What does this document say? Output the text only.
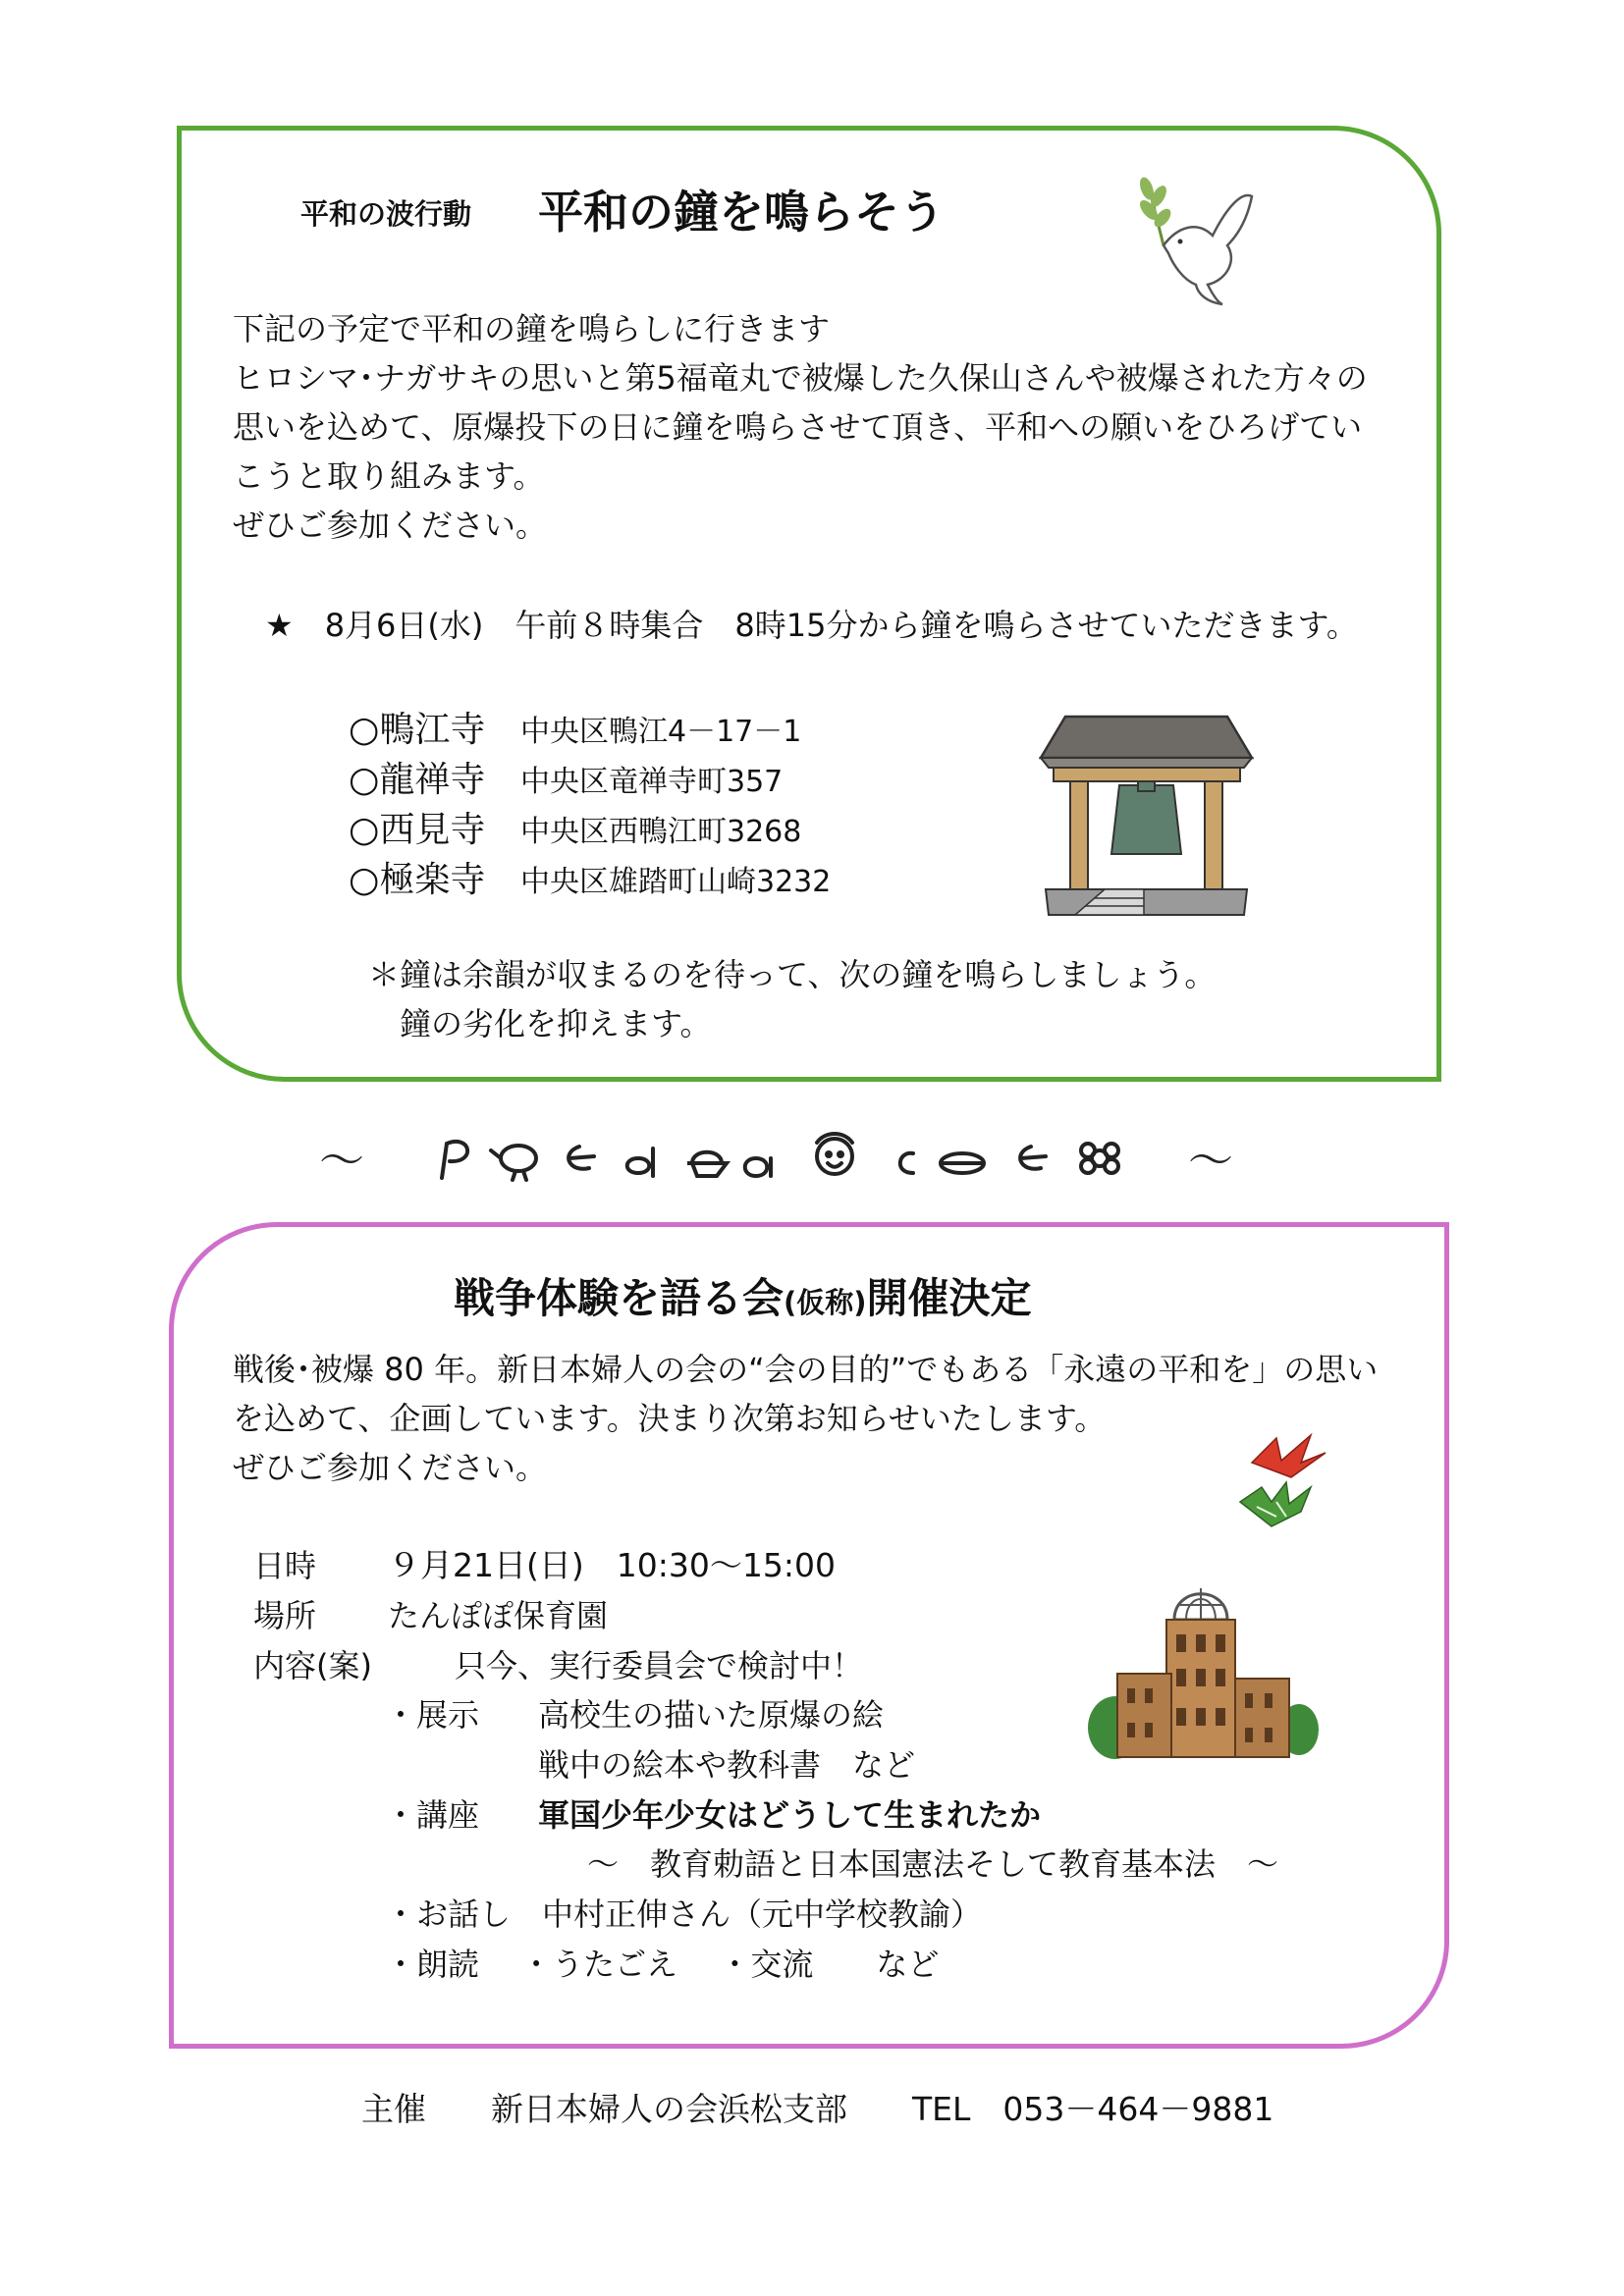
平和の波行動 平和の鐘を鳴らそう
下記の予定で平和の鐘を鳴らしに行きます
ヒロシマ･ナガサキの思いと第5福竜丸で被爆した久保山さんや被爆された方々の
思いを込めて、原爆投下の日に鐘を鳴らさせて頂き、平和への願いをひろげてい
こうと取り組みます。
ぜひご参加ください。
★　8月6日(水)　午前８時集合　8時15分から鐘を鳴らさせていただきます。
○鴨江寺 中央区鴨江4－17－1
○龍禅寺 中央区竜禅寺町357
○西見寺 中央区西鴨江町3268
○極楽寺 中央区雄踏町山崎3232
＊鐘は余韻が収まるのを待って、次の鐘を鳴らしましょう。
　鐘の劣化を抑えます。
～	～
戦争体験を語る会(仮称)開催決定
戦後･被爆 80 年。新日本婦人の会の“会の目的”でもある「永遠の平和を」の思い
を込めて、企画しています。決まり次第お知らせいたします。
ぜひご参加ください。
日時 ９月21日(日)　10:30～15:00
場所 たんぽぽ保育園
内容(案)	只今、実行委員会で検討中！
・展示 高校生の描いた原爆の絵
戦中の絵本や教科書　など
・講座 軍国少年少女はどうして生まれたか
～　教育勅語と日本国憲法そして教育基本法　～
・お話し 中村正伸さん（元中学校教諭）
・朗読　 ・うたごえ　 ・交流　　など
主催　　新日本婦人の会浜松支部　　TEL　053－464－9881
